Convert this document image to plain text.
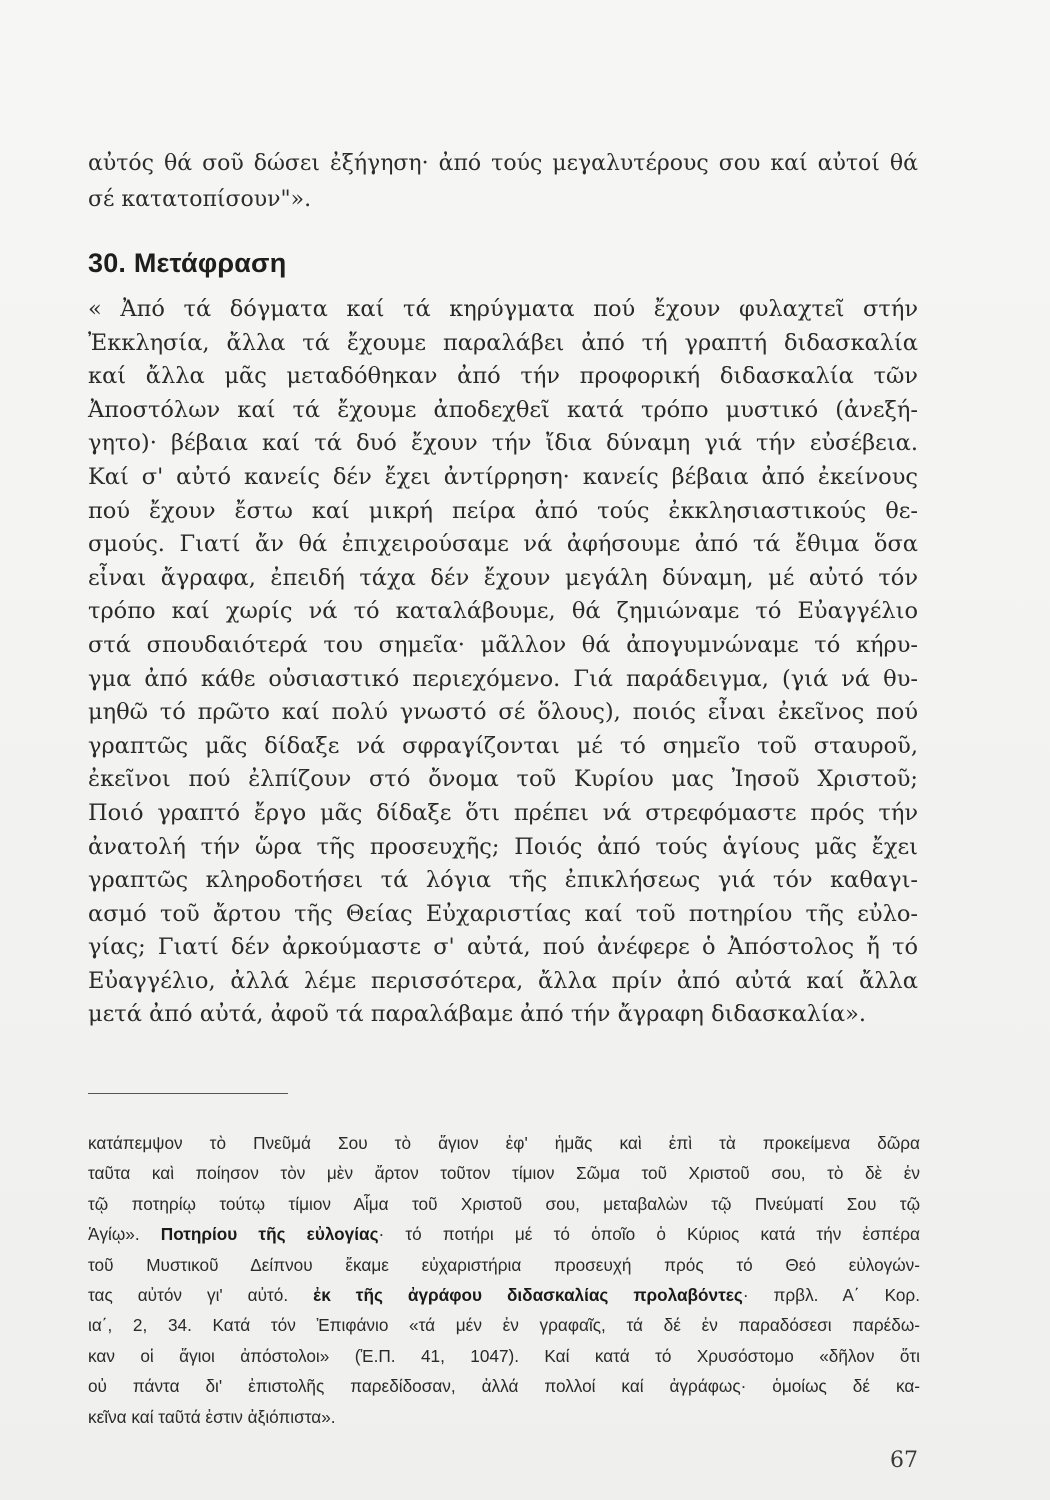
αὐτός θά σοῦ δώσει ἐξήγηση· ἀπό τούς μεγαλυτέρους σου καί αὐτοί θά σέ κατατοπίσουν"».
30. Μετάφραση
« Ἀπό τά δόγματα καί τά κηρύγματα πού ἔχουν φυλαχτεῖ στήν
Ἐκκλησία, ἄλλα τά ἔχουμε παραλάβει ἀπό τή γραπτή διδασκαλία
καί ἄλλα μᾶς μεταδόθηκαν ἀπό τήν προφορική διδασκαλία τῶν
Ἀποστόλων καί τά ἔχουμε ἀποδεχθεῖ κατά τρόπο μυστικό (ἀνεξή-
γητο)· βέβαια καί τά δυό ἔχουν τήν ἴδια δύναμη γιά τήν εὐσέβεια.
Καί σ' αὐτό κανείς δέν ἔχει ἀντίρρηση· κανείς βέβαια ἀπό ἐκείνους
πού ἔχουν ἔστω καί μικρή πείρα ἀπό τούς ἐκκλησιαστικούς θε-
σμούς. Γιατί ἄν θά ἐπιχειρούσαμε νά ἀφήσουμε ἀπό τά ἔθιμα ὅσα
εἶναι ἄγραφα, ἐπειδή τάχα δέν ἔχουν μεγάλη δύναμη, μέ αὐτό τόν
τρόπο καί χωρίς νά τό καταλάβουμε, θά ζημιώναμε τό Εὐαγγέλιο
στά σπουδαιότερά του σημεῖα· μᾶλλον θά ἀπογυμνώναμε τό κήρυ-
γμα ἀπό κάθε οὐσιαστικό περιεχόμενο. Γιά παράδειγμα, (γιά νά θυ-
μηθῶ τό πρῶτο καί πολύ γνωστό σέ ὅλους), ποιός εἶναι ἐκεῖνος πού
γραπτῶς μᾶς δίδαξε νά σφραγίζονται μέ τό σημεῖο τοῦ σταυροῦ,
ἐκεῖνοι πού ἐλπίζουν στό ὄνομα τοῦ Κυρίου μας Ἰησοῦ Χριστοῦ;
Ποιό γραπτό ἔργο μᾶς δίδαξε ὅτι πρέπει νά στρεφόμαστε πρός τήν
ἀνατολή τήν ὥρα τῆς προσευχῆς; Ποιός ἀπό τούς ἁγίους μᾶς ἔχει
γραπτῶς κληροδοτήσει τά λόγια τῆς ἐπικλήσεως γιά τόν καθαγι-
ασμό τοῦ ἄρτου τῆς Θείας Εὐχαριστίας καί τοῦ ποτηρίου τῆς εὐλο-
γίας; Γιατί δέν ἀρκούμαστε σ' αὐτά, πού ἀνέφερε ὁ Ἀπόστολος ἤ τό
Εὐαγγέλιο, ἀλλά λέμε περισσότερα, ἄλλα πρίν ἀπό αὐτά καί ἄλλα
μετά ἀπό αὐτά, ἀφοῦ τά παραλάβαμε ἀπό τήν ἄγραφη διδασκαλία».
κατάπεμψον τὸ Πνεῦμά Σου τὸ ἅγιον ἐφ' ἡμᾶς καὶ ἐπὶ τὰ προκείμενα δῶρα
ταῦτα καὶ ποίησον τὸν μὲν ἄρτον τοῦτον τίμιον Σῶμα τοῦ Χριστοῦ σου, τὸ δὲ ἐν
τῷ ποτηρίῳ τούτῳ τίμιον Αἷμα τοῦ Χριστοῦ σου, μεταβαλὼν τῷ Πνεύματί Σου τῷ
Ἁγίῳ». Ποτηρίου τῆς εὐλογίας· τό ποτήρι μέ τό ὁποῖο ὁ Κύριος κατά τήν ἑσπέρα
τοῦ Μυστικοῦ Δείπνου ἔκαμε εὐχαριστήρια προσευχή πρός τό Θεό εὐλογών-
τας αὐτόν γι' αὐτό. ἐκ τῆς ἀγράφου διδασκαλίας προλαβόντες· πρβλ. Α΄ Κορ.
ια΄, 2, 34. Κατά τόν Ἐπιφάνιο «τά μέν ἐν γραφαῖς, τά δέ ἐν παραδόσεσι παρέδω-
καν οἱ ἅγιοι ἀπόστολοι» (Ἐ.Π. 41, 1047). Καί κατά τό Χρυσόστομο «δῆλον ὅτι
οὐ πάντα δι' ἐπιστολῆς παρεδίδοσαν, ἀλλά πολλοί καί ἀγράφως· ὁμοίως δέ κα-
κεῖνα καί ταῦτά ἐστιν ἀξιόπιστα».
67
